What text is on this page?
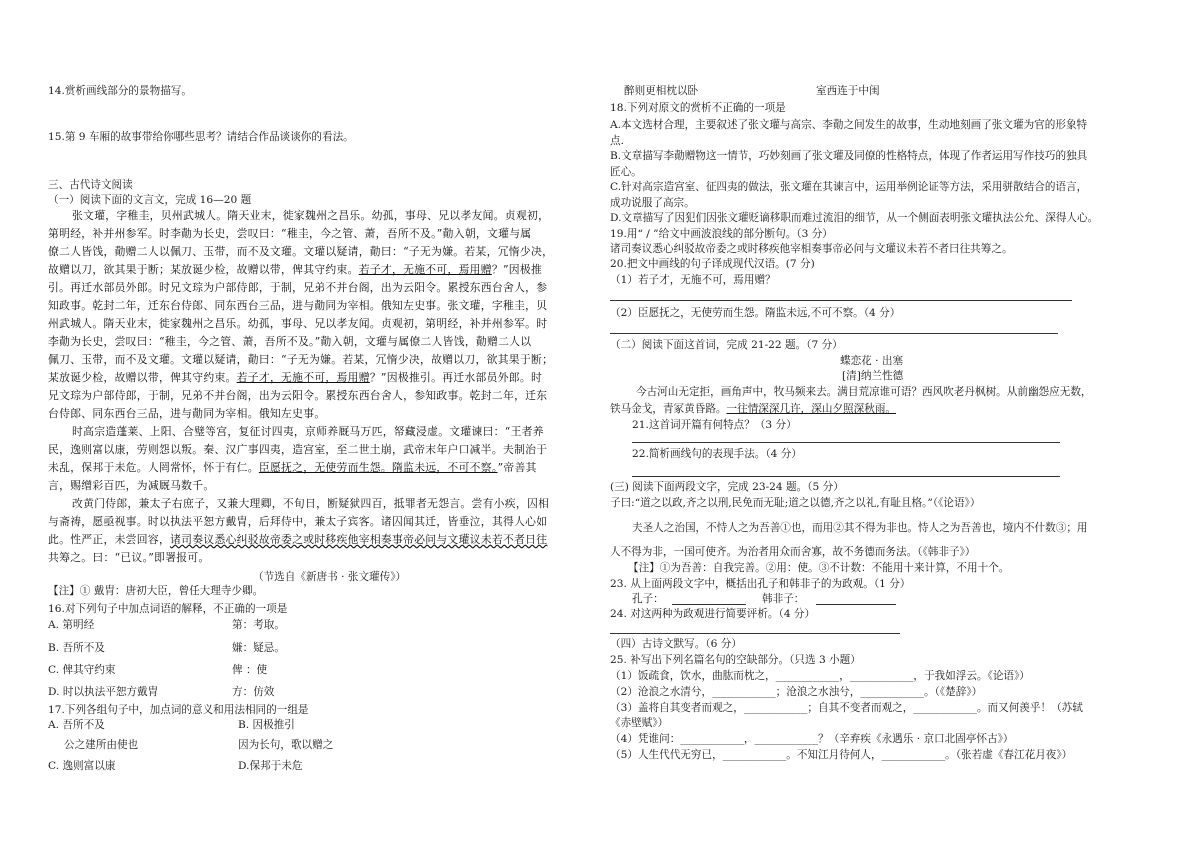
14.赏析画线部分的景物描写。
15.第 9 车厢的故事带给你哪些思考？请结合作品谈谈你的看法。
三、古代诗文阅读
（一）阅读下面的文言文，完成 16—20 题
张文瓘，字稚圭，贝州武城人。隋天业末，徙家魏州之昌乐。幼孤，事母、兄以孝友闻。贞观初，
第明经，补并州参军。时李勣为长史，尝叹曰：“稚圭，今之管、萧，吾所不及。”勣入朝，文瓘与属
僚二人皆饯，勣赠二人以佩刀、玉带，而不及文瓘。文瓘以疑请，勣曰：“子无为嫌。若某，冗惰少决，
故赠以刀，欲其果于断；某放诞少检，故赠以带，俾其守约束。若子才，无施不可，焉用赠？”因极推
引。再迁水部员外郎。时兄文琮为户部侍郎，于制，兄弟不并台阁，出为云阳令。累授东西台舍人，参
知政事。乾封二年，迁东台侍郎、同东西台三品，进与勣同为宰相。俄知左史事。张文瓘，字稚圭，贝
州武城人。隋天业末，徙家魏州之昌乐。幼孤，事母、兄以孝友闻。贞观初，第明经，补并州参军。时
李勣为长史，尝叹曰：“稚圭，今之管、萧，吾所不及。”勣入朝，文瓘与属僚二人皆饯，勣赠二人以
佩刀、玉带，而不及文瓘。文瓘以疑请，勣曰：“子无为嫌。若某，冗惰少决，故赠以刀，欲其果于断；
某放诞少检，故赠以带，俾其守约束。若子才，无施不可，焉用赠？”因极推引。再迁水部员外郎。时
兄文琮为户部侍郎，于制，兄弟不并台阁，出为云阳令。累授东西台舍人，参知政事。乾封二年，迁东
台侍郎、同东西台三品，进与勣同为宰相。俄知左史事。
时高宗造蓬莱、上阳、合璧等宫，复征讨四夷，京师养厩马万匹，帑藏浸虚。文瓘谏曰：“王者养
民，逸则富以康，劳则怨以叛。秦、汉广事四夷，造宫室，至二世土崩，武帝末年户口减半。夫制治于
未乱，保邦于未危。人罔常怀，怀于有仁。臣愿抚之，无使劳而生怨。隋监未远，不可不察。”帝善其
言，赐缯彩百匹，为减厩马数千。
改黄门侍郎，兼太子右庶子，又兼大理卿，不旬日，断疑狱四百，抵罪者无怨言。尝有小疾，囚相
与斋祷，愿亟视事。时以执法平恕方戴胄，后拜侍中，兼太子宾客。诸囚闻其迁，皆垂泣，其得人心如
此。性严正，未尝回容，诸司奏议悉心纠驳故帝委之或时移疾他宰相奏事帝必问与文瓘议未若不者日往
共筹之。曰：“已议。”即署报可。
（节选自《新唐书 · 张文瓘传》）
【注】① 戴胄：唐初大臣，曾任大理寺少卿。
16.对下列句子中加点词语的解释，不正确的一项是
A. 第明经	第：考取。
B. 吾所不及	嫌：疑忌。
C. 俾其守约束	俾 ：使
D. 时以执法平恕方戴胄	方：仿效
17.下列各组句子中，加点词的意义和用法相同的一组是
A. 吾所不及	B. 因极推引
公之建所由使也	因为长句，歌以赠之
C. 逸则富以康	D.保邦于未危
醉则更相枕以卧	室西连于中闺
18.下列对原文的赏析不正确的一项是
A.本文选材合理，主要叙述了张文瓘与高宗、李勣之间发生的故事，生动地刻画了张文瓘为官的形象特
点.
B.文章描写李勣赠物这一情节，巧妙刻画了张文瓘及同僚的性格特点，体现了作者运用写作技巧的独具
匠心。
C.针对高宗造宫室、征四夷的做法，张文瓘在其谏言中，运用举例论证等方法，采用骈散结合的语言，
成功说服了高宗。
D.文章描写了因犯们因张文瓘贬谪移职而难过流泪的细节，从一个侧面表明张文瓘执法公允、深得人心。
19.用“ / ”给文中画波浪线的部分断句。（3 分）
诸司奏议悉心纠驳故帝委之或时移疾他宰相奏事帝必问与文瓘议未若不者曰往共筹之。
20.把文中画线的句子译成现代汉语。(7 分)
（1）若子才，无施不可，焉用赠？
（2）臣愿抚之，无使劳而生怨。隋监未远,不可不察。（4 分）
（二）阅读下面这首词，完成 21-22 题。（7 分）
蝶恋花 · 出塞
[清]纳兰性德
今古河山无定拒，画角声中，牧马频来去。满目荒凉谁可语？西风吹老丹枫树。从前幽怨应无数，
铁马金戈，青冢黄昏路。一往情深深几许，深山夕照深秋雨。
21.这首词开篇有何特点？（3 分）
22.简析画线句的表现手法。（4 分）
(三) 阅读下面两段文字，完成 23-24 题。（5 分）
子曰:“道之以政,齐之以刑,民免而无耻;道之以德,齐之以礼,有耻且格。”（《论语》）
夫圣人之治国，不恃人之为吾善①也，而用②其不得为非也。恃人之为吾善也，境内不什数③；用
人不得为非，一国可使齐。为治者用众而舍寡，故不务德而务法。（《韩非子》）
【注】①为吾善：自我完善。②用：使。③不计数：不能用十来计算，不用十个。
23. 从上面两段文字中，概括出孔子和韩非子的为政观。（1 分）
孔子：	韩非子：
24. 对这两种为政观进行简要评析。（4 分）
（四）古诗文默写。（6 分）
25. 补写出下列名篇名句的空缺部分。（只选 3 小题）
（1）饭疏食，饮水，曲肱而枕之，____________，____________，于我如浮云。《论语》）
（2）沧浪之水清兮，____________；沧浪之水浊兮，____________。（《楚辞》）
（3）盖将自其变者而观之，____________；自其不变者而观之，____________。而又何羡乎！（苏轼
《赤壁赋》）
（4）凭谁问：____________，____________？（辛弃疾《永遇乐 · 京口北固亭怀古》）
（5）人生代代无穷已，____________。不知江月待何人，____________。（张若虚《春江花月夜》）
